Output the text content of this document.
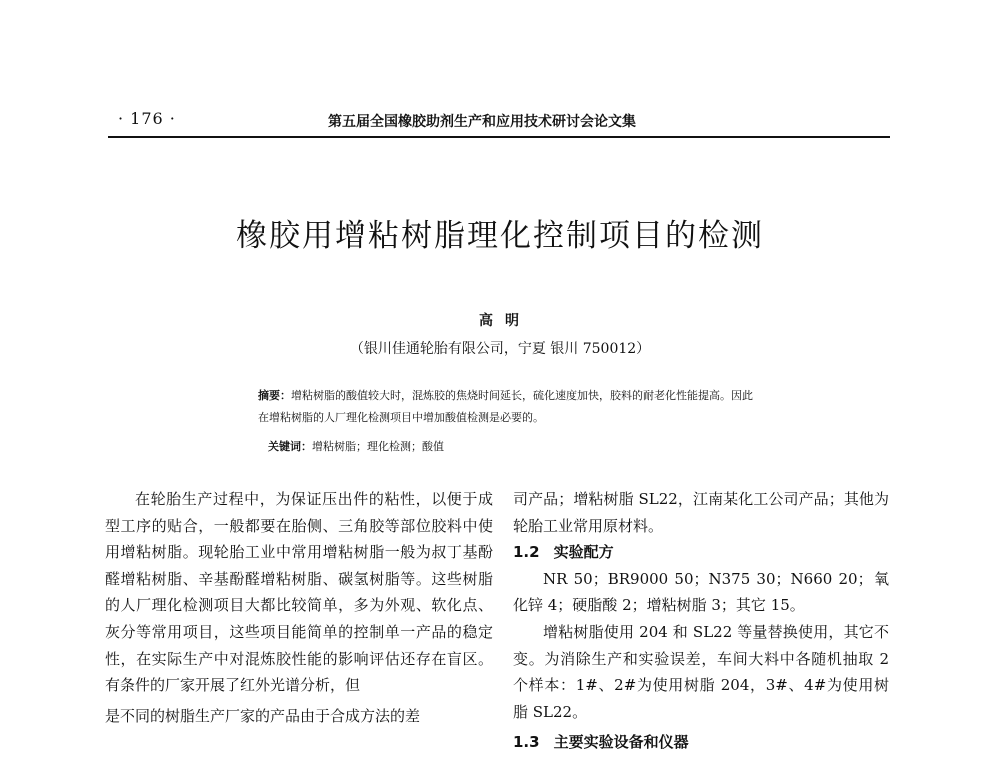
· 176 ·	第五届全国橡胶助剂生产和应用技术研讨会论文集
橡胶用增粘树脂理化控制项目的检测
高明
（银川佳通轮胎有限公司，宁夏 银川 750012）
摘要：增粘树脂的酸值较大时，混炼胶的焦烧时间延长，硫化速度加快，胶料的耐老化性能提高。因此在增粘树脂的人厂理化检测项目中增加酸值检测是必要的。
关键词：增粘树脂；理化检测；酸值

在轮胎生产过程中，为保证压出件的粘性，以便于成型工序的贴合，一般都要在胎侧、三角胶等部位胶料中使用增粘树脂。现轮胎工业中常用增粘树脂一般为叔丁基酚醛增粘树脂、辛基酚醛增粘树脂、碳氢树脂等。这些树脂的人厂理化检测项目大都比较简单，多为外观、软化点、灰分等常用项目，这些项目能简单的控制单一产品的稳定性，在实际生产中对混炼胶性能的影响评估还存在盲区。有条件的厂家开展了红外光谱分析，但

是不同的树脂生产厂家的产品由于合成方法的差

司产品；增粘树脂 SL22，江南某化工公司产品；其他为轮胎工业常用原材料。

1.2 实验配方

NR 50；BR9000 50；N375 30；N660 20；氧化锌 4；硬脂酸 2；增粘树脂 3；其它 15。

增粘树脂使用 204 和 SL22 等量替换使用，其它不变。为消除生产和实验误差，车间大料中各随机抽取 2 个样本：1#、2#为使用树脂 204，3#、4#为使用树脂 SL22。

1.3 主要实验设备和仪器
